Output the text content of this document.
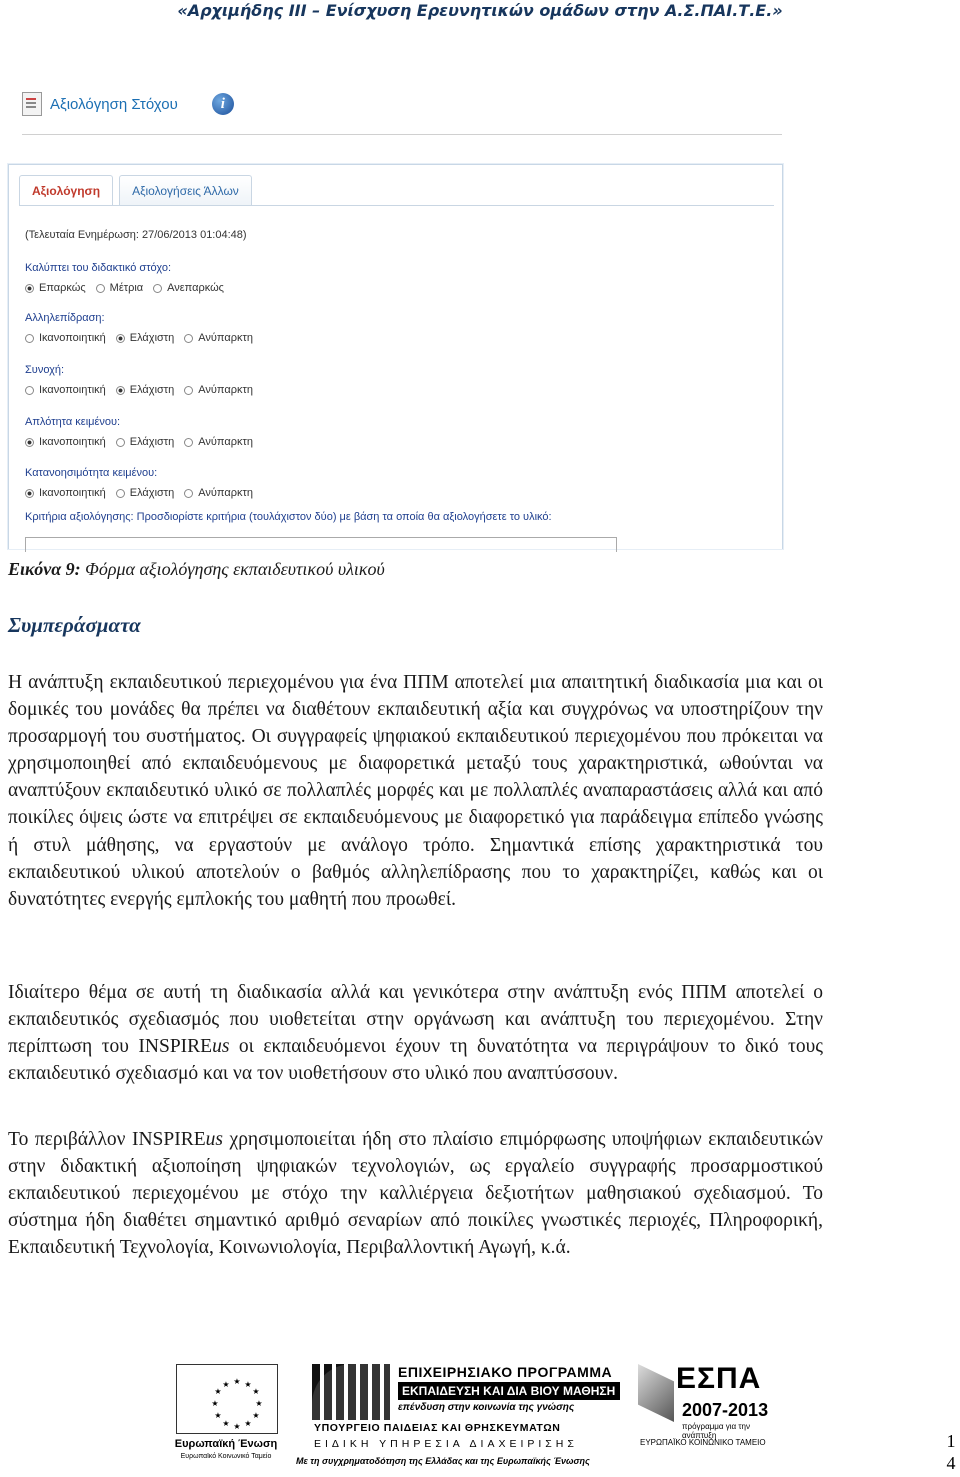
«Αρχιμήδης ΙΙΙ – Ενίσχυση Ερευνητικών ομάδων στην Α.Σ.ΠΑΙ.Τ.Ε.»
Αξιολόγηση Στόχου	i
Αξιολόγηση	Αξιολογήσεις Άλλων
(Τελευταία Ενημέρωση: 27/06/2013 01:04:48)
Καλύπτει του διδακτικό στόχο:
Επαρκώς Μέτρια Ανεπαρκώς
Αλληλεπίδραση:
Ικανοποιητική Ελάχιστη Ανύπαρκτη
Συνοχή:
Ικανοποιητική Ελάχιστη Ανύπαρκτη
Απλότητα κειμένου:
Ικανοποιητική Ελάχιστη Ανύπαρκτη
Κατανοησιμότητα κειμένου:
Ικανοποιητική Ελάχιστη Ανύπαρκτη
Κριτήρια αξιολόγησης: Προσδιορίστε κριτήρια (τουλάχιστον δύο) με βάση τα οποία θα αξιολογήσετε το υλικό:
Εικόνα 9: Φόρμα αξιολόγησης εκπαιδευτικού υλικού
Συμπεράσματα
Η ανάπτυξη εκπαιδευτικού περιεχομένου για ένα ΠΠΜ αποτελεί μια απαιτητική διαδικασία μια και οι δομικές του μονάδες θα πρέπει να διαθέτουν εκπαιδευτική αξία και συγχρόνως να υποστηρίζουν την προσαρμογή του συστήματος. Οι συγγραφείς ψηφιακού εκπαιδευτικού περιεχομένου που πρόκειται να χρησιμοποιηθεί από εκπαιδευόμενους με διαφορετικά μεταξύ τους χαρακτηριστικά, ωθούνται να αναπτύξουν εκπαιδευτικό υλικό σε πολλαπλές μορφές και με πολλαπλές αναπαραστάσεις αλλά και από ποικίλες όψεις ώστε να επιτρέψει σε εκπαιδευόμενους με διαφορετικό για παράδειγμα επίπεδο γνώσης ή στυλ μάθησης, να εργαστούν με ανάλογο τρόπο. Σημαντικά επίσης χαρακτηριστικά του εκπαιδευτικού υλικού αποτελούν ο βαθμός αλληλεπίδρασης που το χαρακτηρίζει, καθώς και οι δυνατότητες ενεργής εμπλοκής του μαθητή που προωθεί.
Ιδιαίτερο θέμα σε αυτή τη διαδικασία αλλά και γενικότερα στην ανάπτυξη ενός ΠΠΜ αποτελεί ο εκπαιδευτικός σχεδιασμός που υιοθετείται στην οργάνωση και ανάπτυξη του περιεχομένου. Στην περίπτωση του INSPIREus οι εκπαιδευόμενοι έχουν τη δυνατότητα να περιγράψουν το δικό τους εκπαιδευτικό σχεδιασμό και να τον υιοθετήσουν στο υλικό που αναπτύσσουν.
Το περιβάλλον INSPIREus χρησιμοποιείται ήδη στο πλαίσιο επιμόρφωσης υποψήφιων εκπαιδευτικών στην διδακτική αξιοποίηση ψηφιακών τεχνολογιών, ως εργαλείο συγγραφής προσαρμοστικού εκπαιδευτικού περιεχομένου με στόχο την καλλιέργεια δεξιοτήτων μαθησιακού σχεδιασμού. Το σύστημα ήδη διαθέτει σημαντικό αριθμό σεναρίων από ποικίλες γνωστικές περιοχές, Πληροφορική, Εκπαιδευτική Τεχνολογία, Κοινωνιολογία, Περιβαλλοντική Αγωγή, κ.ά.
★ ★
★
★
★
★
★
★
★
★
★
★
Ευρωπαϊκή Ένωση
Ευρωπαϊκό Κοινωνικό Ταμείο
ΕΠΙΧΕΙΡΗΣΙΑΚΟ ΠΡΟΓΡΑΜΜΑ
ΕΚΠΑΙΔΕΥΣΗ ΚΑΙ ΔΙΑ ΒΙΟΥ ΜΑΘΗΣΗ
επένδυση στην κοινωνία της γνώσης
ΥΠΟΥΡΓΕΙΟ ΠΑΙΔΕΙΑΣ ΚΑΙ ΘΡΗΣΚΕΥΜΑΤΩΝ
ΕΙΔΙΚΗ ΥΠΗΡΕΣΙΑ ΔΙΑΧΕΙΡΙΣΗΣ
Με τη συγχρηματοδότηση της Ελλάδας και της Ευρωπαϊκής Ένωσης
ΕΣΠΑ
2007-2013
πρόγραμμα για την ανάπτυξη
ΕΥΡΩΠΑΪΚΟ ΚΟΙΝΩΝΙΚΟ ΤΑΜΕΙΟ	1
4
